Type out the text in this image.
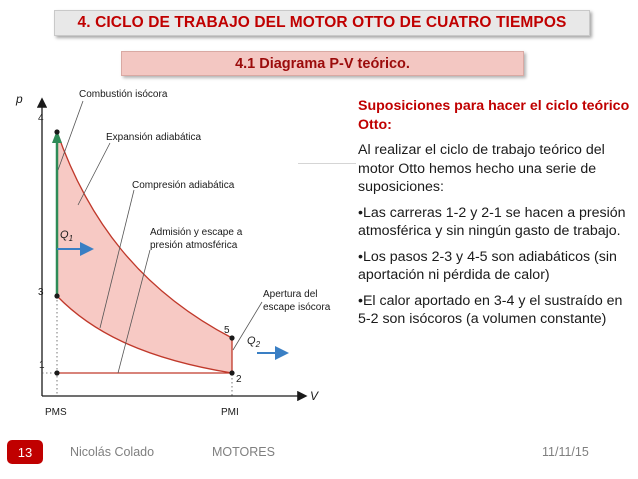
4. CICLO DE TRABAJO DEL MOTOR OTTO DE CUATRO TIEMPOS
4.1 Diagrama P-V teórico.
p
V
4
3
1
5
2
$Q_1$
$Q_2$
Combustión isócora
Expansión adiabática
Compresión adiabática
Admisión y escape a
presión atmosférica
Apertura del
escape isócora
PMS	PMI

Suposiciones para hacer el ciclo teórico Otto:

Al realizar el ciclo de trabajo teórico del motor Otto hemos hecho una serie de suposiciones:

•Las carreras 1-2 y 2-1 se hacen a presión atmosférica y sin ningún gasto de trabajo.

•Los pasos 2-3 y 4-5 son adiabáticos (sin aportación ni pérdida de calor)

•El calor aportado en 3-4 y el sustraído en 5-2 son isócoros (a volumen constante)

13	Nicolás Colado	MOTORES	11/11/15
